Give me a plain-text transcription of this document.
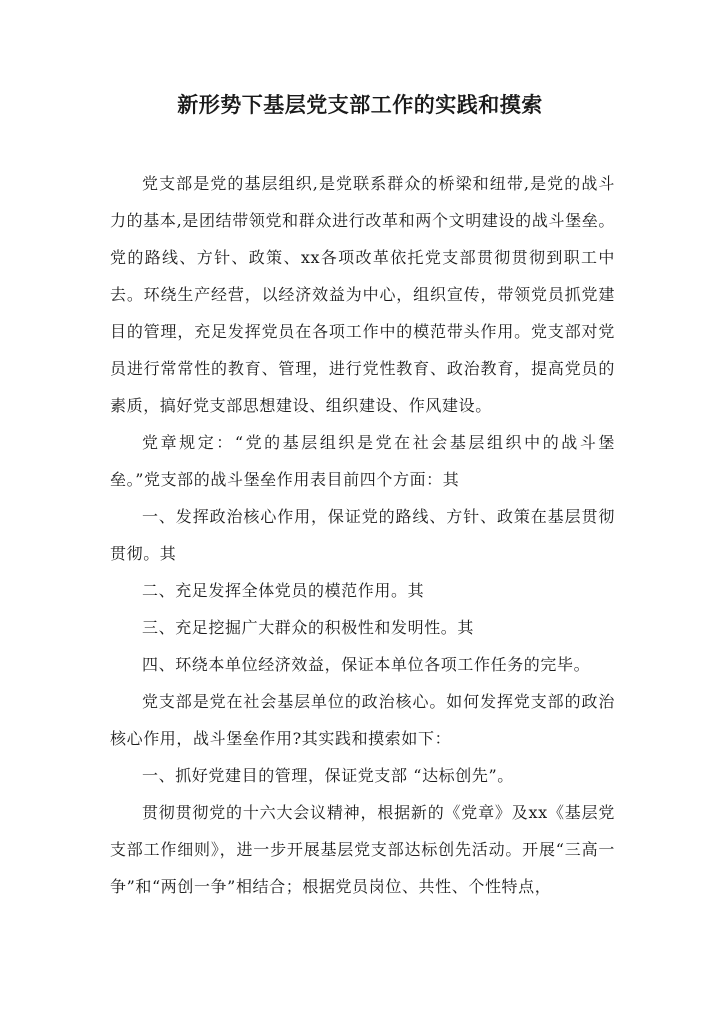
新形势下基层党支部工作的实践和摸索

党支部是党的基层组织,是党联系群众的桥梁和纽带,是党的战斗力的基本,是团结带领党和群众进行改革和两个文明建设的战斗堡垒。党的路线、方针、政策、xx各项改革依托党支部贯彻贯彻到职工中去。环绕生产经营，以经济效益为中心，组织宣传，带领党员抓党建目的管理，充足发挥党员在各项工作中的模范带头作用。党支部对党员进行常常性的教育、管理，进行党性教育、政治教育，提高党员的素质，搞好党支部思想建设、组织建设、作风建设。

党章规定：“党的基层组织是党在社会基层组织中的战斗堡垒。”党支部的战斗堡垒作用表目前四个方面：其

一、发挥政治核心作用，保证党的路线、方针、政策在基层贯彻贯彻。其

二、充足发挥全体党员的模范作用。其

三、充足挖掘广大群众的积极性和发明性。其

四、环绕本单位经济效益，保证本单位各项工作任务的完毕。

党支部是党在社会基层单位的政治核心。如何发挥党支部的政治核心作用，战斗堡垒作用?其实践和摸索如下：

一、抓好党建目的管理，保证党支部 “达标创先”。

贯彻贯彻党的十六大会议精神，根据新的《党章》及xx《基层党支部工作细则》，进一步开展基层党支部达标创先活动。开展“三高一争”和“两创一争”相结合；根据党员岗位、共性、个性特点，
